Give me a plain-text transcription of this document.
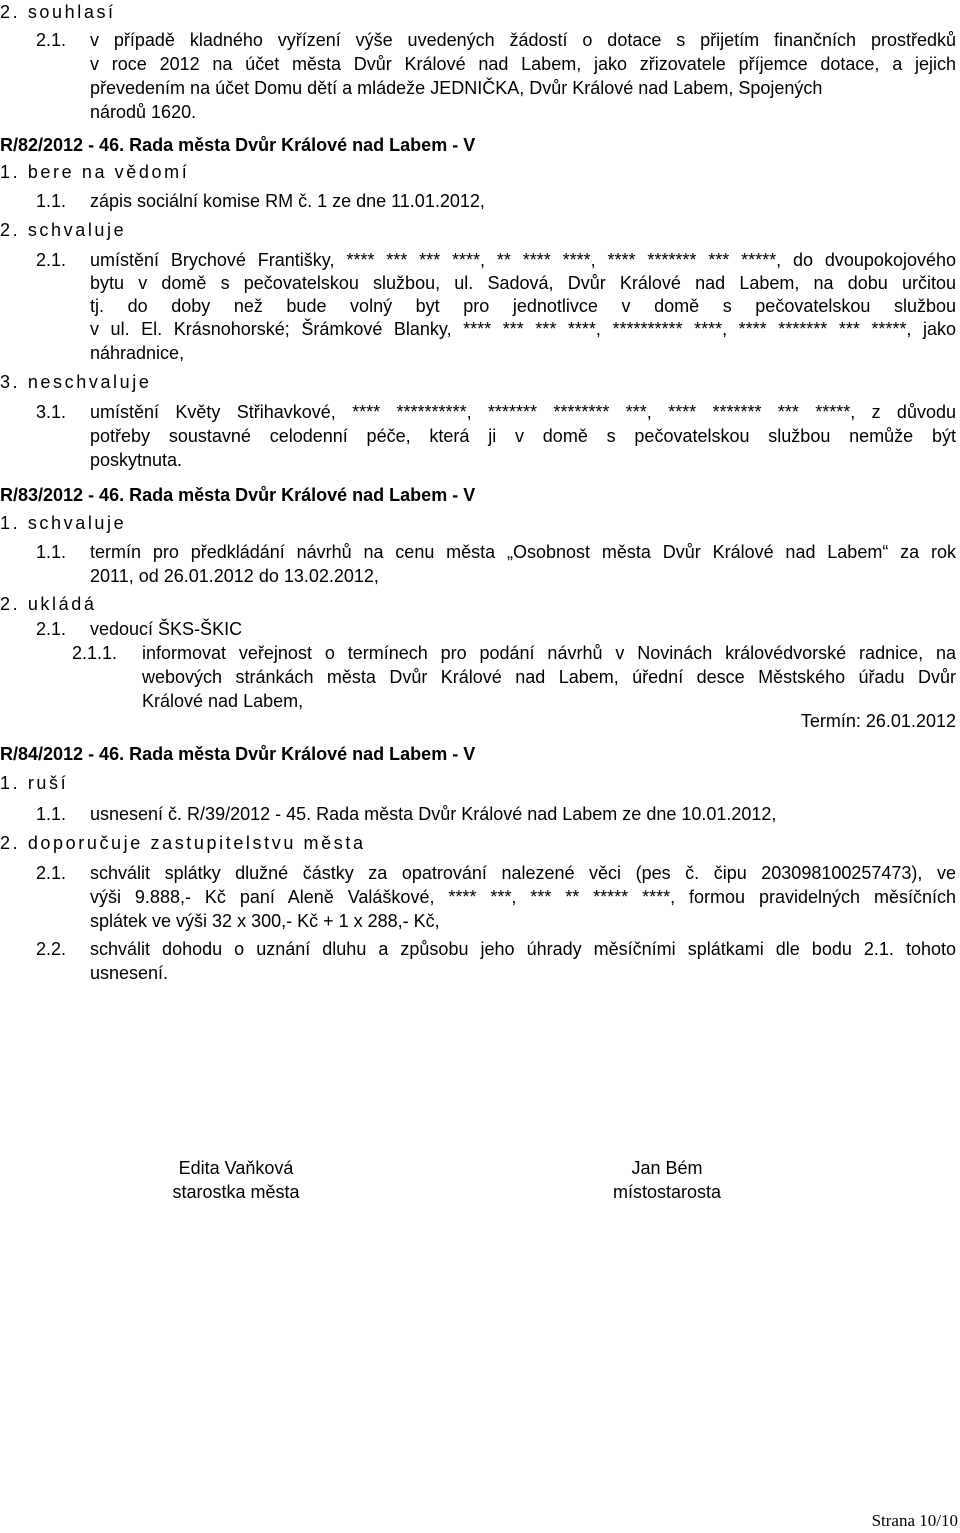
2. souhlasí
2.1. v případě kladného vyřízení výše uvedených žádostí o dotace s přijetím finančních prostředků
v roce 2012 na účet města Dvůr Králové nad Labem, jako zřizovatele příjemce dotace, a jejich
převedením na účet Domu dětí a mládeže JEDNIČKA, Dvůr Králové nad Labem, Spojených
národů 1620.
R/82/2012 - 46. Rada města Dvůr Králové nad Labem - V
1. bere na vědomí
1.1. zápis sociální komise RM č. 1 ze dne 11.01.2012,
2. schvaluje
2.1. umístění Brychové Františky, **** *** *** ****, ** **** ****, **** ******* *** *****, do dvoupokojového
bytu v domě s pečovatelskou službou, ul. Sadová, Dvůr Králové nad Labem, na dobu určitou
tj. do doby než bude volný byt pro jednotlivce v domě s pečovatelskou službou
v ul. El. Krásnohorské; Šrámkové Blanky, **** *** *** ****, ********** ****, **** ******* *** *****, jako
náhradnice,
3. neschvaluje
3.1. umístění Květy Střihavkové, **** **********, ******* ******** ***, **** ******* *** *****, z důvodu
potřeby soustavné celodenní péče, která ji v domě s pečovatelskou službou nemůže být
poskytnuta.
R/83/2012 - 46. Rada města Dvůr Králové nad Labem - V
1. schvaluje
1.1. termín pro předkládání návrhů na cenu města „Osobnost města Dvůr Králové nad Labem“ za rok
2011, od 26.01.2012 do 13.02.2012,
2. ukládá
2.1. vedoucí ŠKS-ŠKIC
2.1.1. informovat veřejnost o termínech pro podání návrhů v Novinách královédvorské radnice, na
webových stránkách města Dvůr Králové nad Labem, úřední desce Městského úřadu Dvůr
Králové nad Labem,
Termín: 26.01.2012
R/84/2012 - 46. Rada města Dvůr Králové nad Labem - V
1. ruší
1.1. usnesení č. R/39/2012 - 45. Rada města Dvůr Králové nad Labem ze dne 10.01.2012,
2. doporučuje zastupitelstvu města
2.1. schválit splátky dlužné částky za opatrování nalezené věci (pes č. čipu 203098100257473), ve
výši 9.888,- Kč paní Aleně Valáškové, **** ***, *** ** ***** ****, formou pravidelných měsíčních
splátek ve výši 32 x 300,- Kč + 1 x 288,- Kč,
2.2. schválit dohodu o uznání dluhu a způsobu jeho úhrady měsíčními splátkami dle bodu 2.1. tohoto
usnesení.
Edita Vaňková
starostka města
Jan Bém
místostarosta
Strana 10/10
